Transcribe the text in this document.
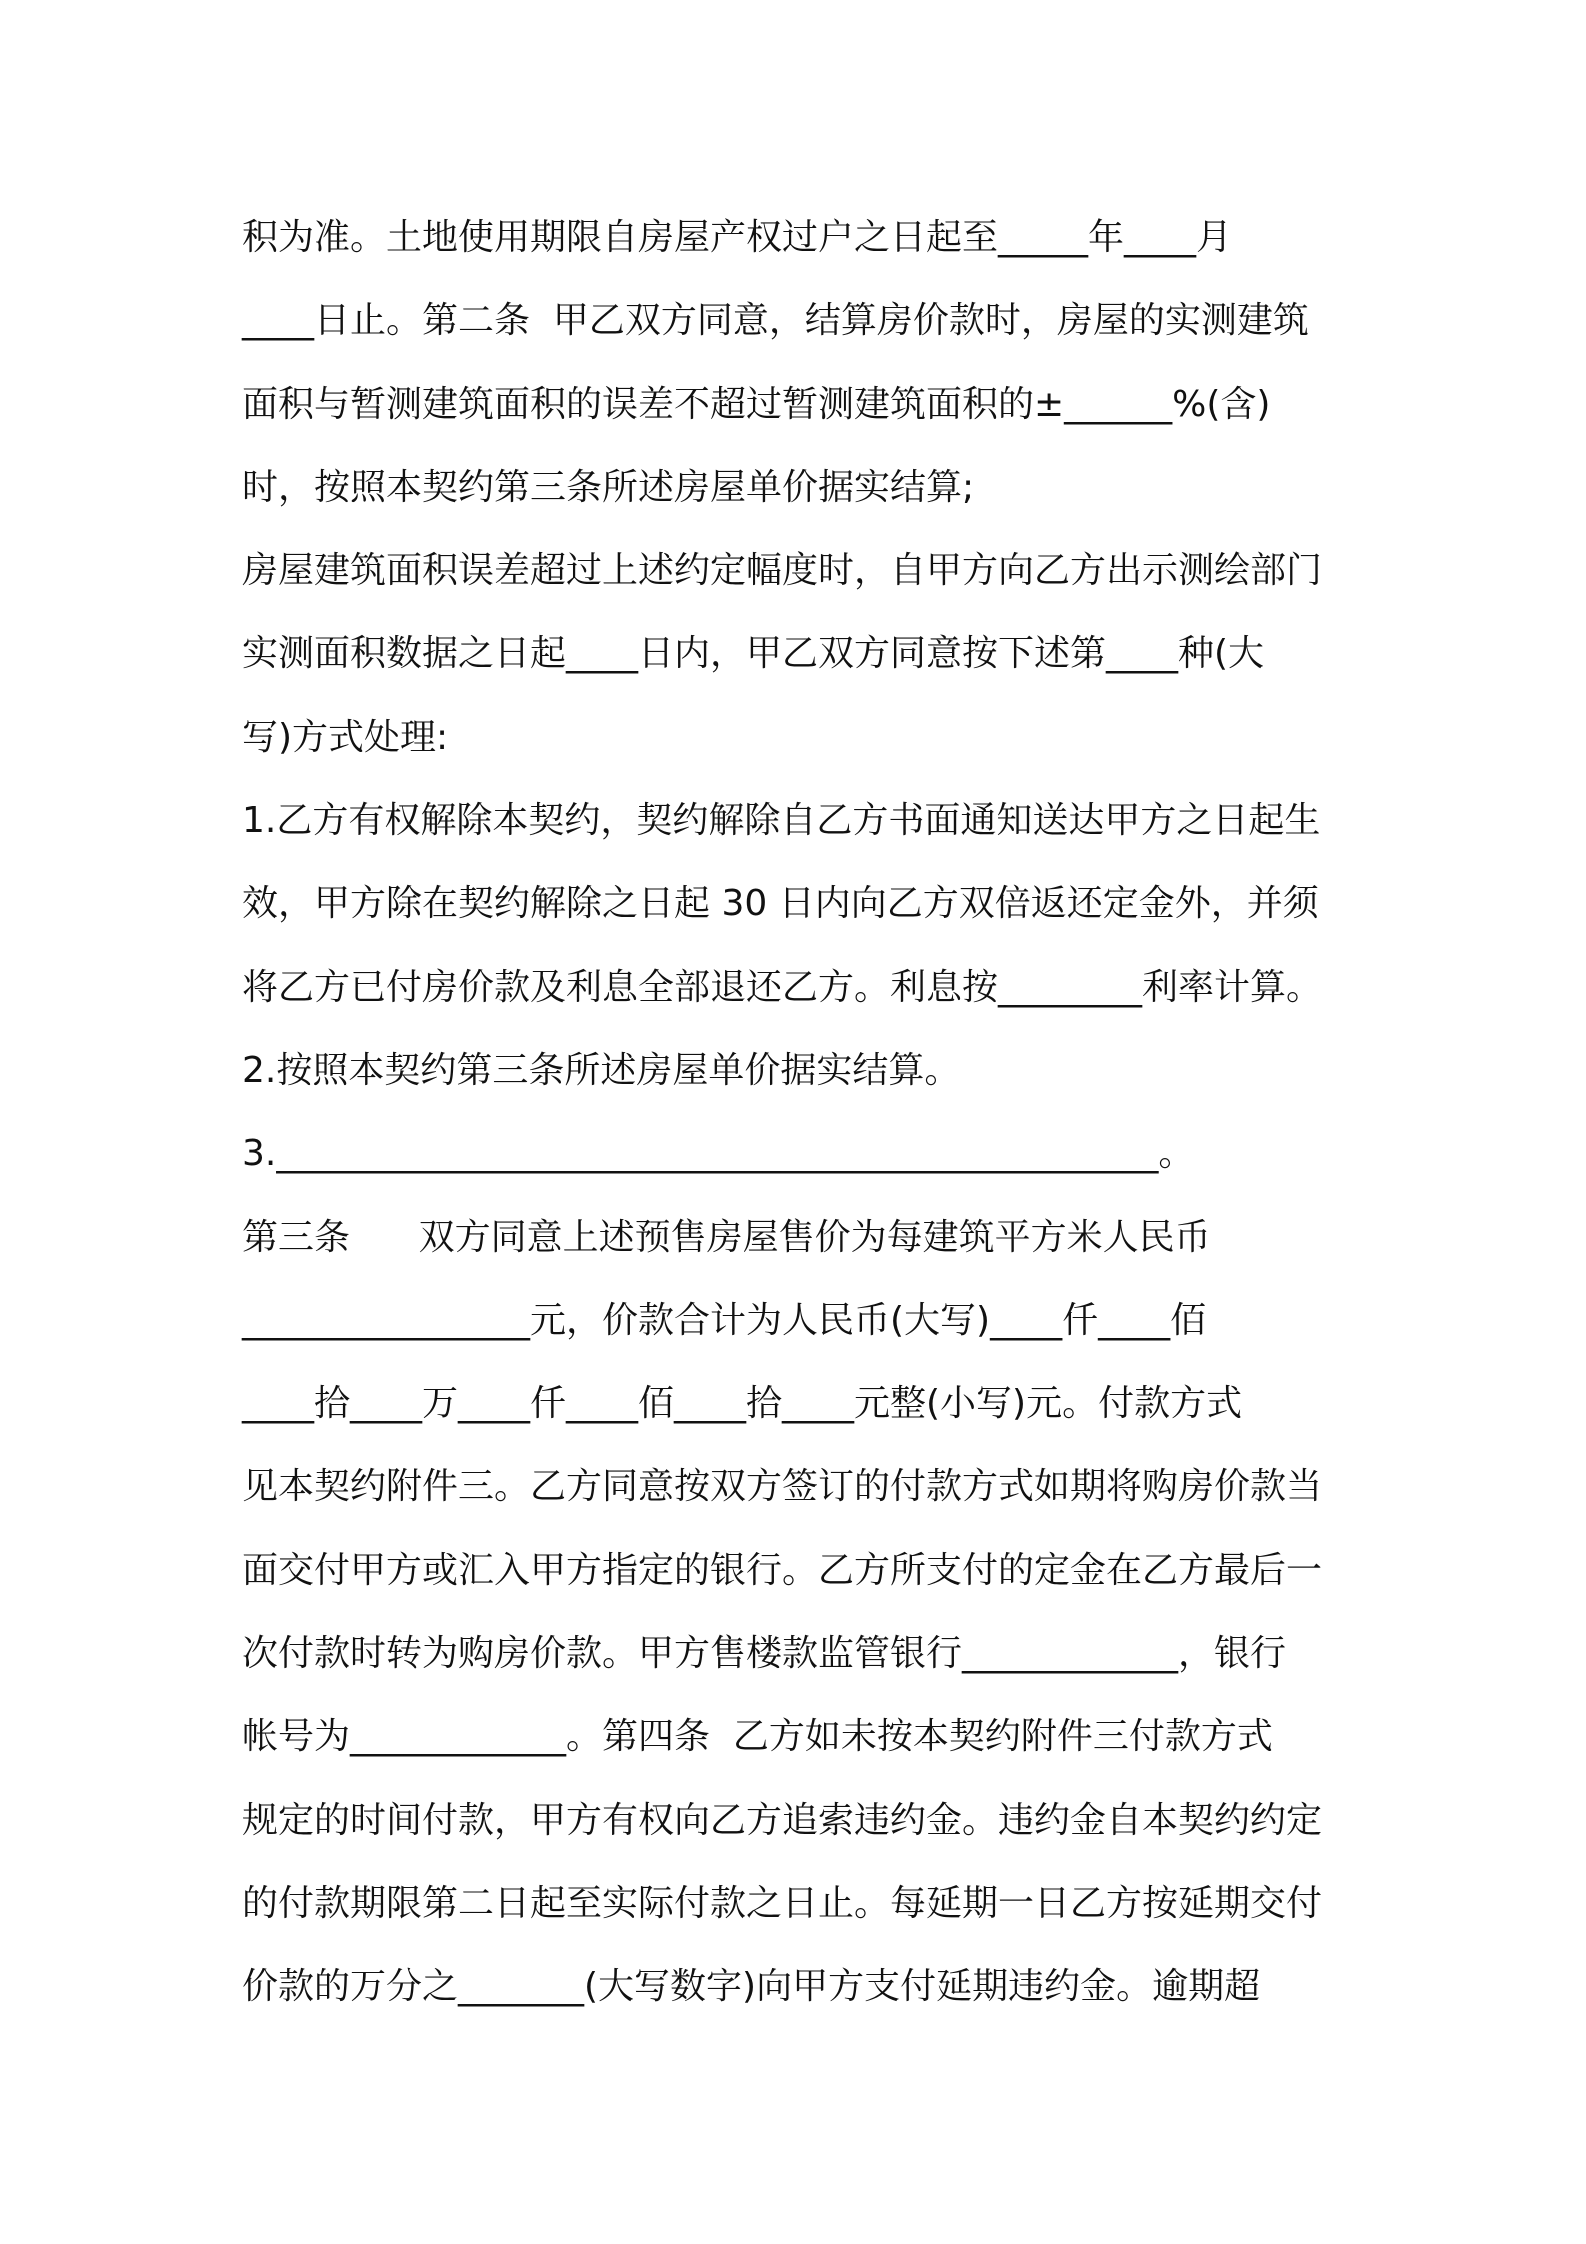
积为准。土地使用期限自房屋产权过户之日起至_____年____月
____日止。第二条  甲乙双方同意，结算房价款时，房屋的实测建筑
面积与暂测建筑面积的误差不超过暂测建筑面积的±______%(含)
时，按照本契约第三条所述房屋单价据实结算;
房屋建筑面积误差超过上述约定幅度时，自甲方向乙方出示测绘部门
实测面积数据之日起____日内，甲乙双方同意按下述第____种(大
写)方式处理:
1.乙方有权解除本契约，契约解除自乙方书面通知送达甲方之日起生
效，甲方除在契约解除之日起 30 日内向乙方双倍返还定金外，并须
将乙方已付房价款及利息全部退还乙方。利息按________利率计算。
2.按照本契约第三条所述房屋单价据实结算。
3._________________________________________________。
第三条      双方同意上述预售房屋售价为每建筑平方米人民币
________________元，价款合计为人民币(大写)____仟____佰
____拾____万____仟____佰____拾____元整(小写)元。付款方式
见本契约附件三。乙方同意按双方签订的付款方式如期将购房价款当
面交付甲方或汇入甲方指定的银行。乙方所支付的定金在乙方最后一
次付款时转为购房价款。甲方售楼款监管银行____________，银行
帐号为____________。第四条  乙方如未按本契约附件三付款方式
规定的时间付款，甲方有权向乙方追索违约金。违约金自本契约约定
的付款期限第二日起至实际付款之日止。每延期一日乙方按延期交付
价款的万分之_______(大写数字)向甲方支付延期违约金。逾期超
